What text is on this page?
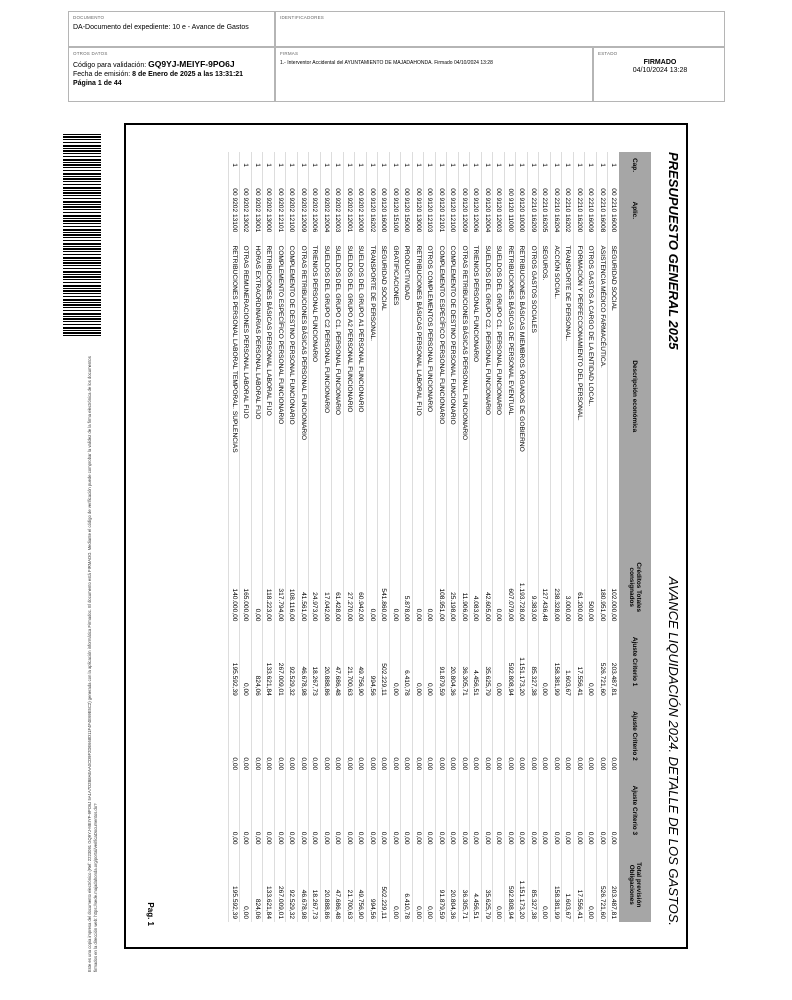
DOCUMENTO
DA-Documento del expediente: 10 e - Avance de Gastos
IDENTIFICADORES
OTROS DATOS
Código para validación: GQ9YJ-MEIYF-9PO6J
Fecha de emisión: 8 de Enero de 2025 a las 13:31:21
Página 1 de 44
FIRMAS
1.- Interventor Accidental del AYUNTAMIENTO DE MAJADAHONDA. Firmado 04/10/2024 13:28
ESTADO
FIRMADO
04/10/2024 13:28
Este es una copia impresa del documento electrónico (Ref: 2223091 GQ9YJ-MEIYF-9PO6J 5A1A7D2B8AEAA0CD9F2DE668D11F4F4E69E5C2) generada con la aplicación informática Firmadoc. El documento está FIRMADO. Mediante el código de verificación puede comprobar la validez de la firma electrónica de los documentos firmados en la dirección web: https://sede.majadahonda.org/portal/verificaDocumentos.do?
PRESUPUESTO GENERAL 2025
AVANCE LIQUIDACIÓN 2024. DETALLE DE LOS GASTOS.
Cap.	Aplic.	Descripción económica	Créditos Totales consignados	Ajuste Criterio 1	Ajuste Criterio 2	Ajuste Criterio 3	Total previsión Obligaciones
1	00 2210 16000	SEGURIDAD SOCIAL	102.000,00	203.487,81	0,00	0,00	203.487,81
1	00 2210 16008	ASISTENCIA MÉDICO FARMACÉUTICA.	180.951,00	526.721,60	0,00	0,00	526.721,60
1	00 2210 16009	OTROS GASTOS A CARGO DE LA ENTIDAD LOCAL.	500,00	0,00	0,00	0,00	0,00
1	00 2210 16200	FORMACIÓN Y PERFECCIONAMIENTO DEL PERSONAL.	61.200,00	17.556,41	0,00	0,00	17.556,41
1	00 2210 16202	TRANSPORTE DE PERSONAL.	3.000,00	1.603,67	0,00	0,00	1.603,67
1	00 2210 16204	ACCIÓN SOCIAL.	238.328,00	158.381,99	0,00	0,00	158.381,99
1	00 2210 16205	SEGUROS.	127.436,48	0,00	0,00	0,00	0,00
1	00 2210 16209	OTROS GASTOS SOCIALES	9.383,00	85.327,38	0,00	0,00	85.327,38
1	00 9120 10000	RETRIBUCIONES BÁSICAS MIEMBROS ÓRGANOS DE GOBIERNO	1.193.728,00	1.151.173,20	0,00	0,00	1.151.173,20
1	00 9120 11000	RETRIBUCIONES BÁSICAS DE PERSONAL EVENTUAL	607.079,00	592.808,94	0,00	0,00	592.808,94
1	00 9120 12003	SUELDOS DEL GRUPO C1. PERSONAL FUNCIONARIO	0,00	0,00	0,00	0,00	0,00
1	00 9120 12004	SUELDOS DEL GRUPO C2. PERSONAL FUNCIONARIO	42.605,00	35.625,79	0,00	0,00	35.625,79
1	00 9120 12006	TRIENIOS PERSONAL FUNCIONARIO	4.083,00	4.456,51	0,00	0,00	4.456,51
1	00 9120 12009	OTRAS RETRIBUCIONES BÁSICAS PERSONAL FUNCIONARIO	11.906,00	36.305,71	0,00	0,00	36.305,71
1	00 9120 12100	COMPLEMENTO DE DESTINO PERSONAL FUNCIONARIO	25.198,00	20.804,36	0,00	0,00	20.804,36
1	00 9120 12101	COMPLEMENTO ESPECÍFICO PERSONAL FUNCIONARIO	108.951,00	91.879,59	0,00	0,00	91.879,59
1	00 9120 12103	OTROS COMPLEMENTOS PERSONAL FUNCIONARIO	0,00	0,00	0,00	0,00	0,00
1	00 9120 13000	RETRIBUCIONES BÁSICAS PERSONAL LABORAL FIJO	0,00	0,00	0,00	0,00	0,00
1	00 9120 15000	PRODUCTIVIDAD	5.878,00	6.410,78	0,00	0,00	6.410,78
1	00 9120 15100	GRATIFICACIONES	0,00	0,00	0,00	0,00	0,00
1	00 9120 16000	SEGURIDAD SOCIAL	541.860,00	502.229,11	0,00	0,00	502.229,11
1	00 9120 16202	TRANSPORTE DE PERSONAL.	0,00	994,56	0,00	0,00	994,56
1	00 9202 12000	SUELDOS DEL GRUPO A1 PERSONAL FUNCIONARIO	60.942,00	49.756,90	0,00	0,00	49.756,90
1	00 9202 12001	SUELDOS DEL GRUPO A2 PERSONAL FUNCIONARIO	27.270,00	21.700,63	0,00	0,00	21.700,63
1	00 9202 12003	SUELDOS DEL GRUPO C1. PERSONAL FUNCIONARIO	61.428,00	47.686,48	0,00	0,00	47.686,48
1	00 9202 12004	SUELDOS DEL GRUPO C2 PERSONAL FUNCIONARIO	17.042,00	20.888,86	0,00	0,00	20.888,86
1	00 9202 12006	TRIENIOS PERSONAL FUNCIONARIO	24.973,00	18.267,73	0,00	0,00	18.267,73
1	00 9202 12009	OTRAS RETRIBUCIONES BÁSICAS PERSONAL FUNCIONARIO	41.561,00	46.678,98	0,00	0,00	46.678,98
1	00 9202 12100	COMPLEMENTO DE DESTINO PERSONAL FUNCIONARIO	108.116,00	92.529,32	0,00	0,00	92.529,32
1	00 9202 12101	COMPLEMENTO ESPECÍFICO PERSONAL FUNCIONARIO	317.794,00	267.009,01	0,00	0,00	267.009,01
1	00 9202 13000	RETRIBUCIONES BÁSICAS PERSONAL LABORAL FIJO	118.223,00	133.621,84	0,00	0,00	133.621,84
1	00 9202 13001	HORAS EXTRAORDINARIAS PERSONAL LABORAL FIJO	0,00	824,06	0,00	0,00	824,06
1	00 9202 13002	OTRAS REMUNERACIONES PERSONAL LABORAL FIJO	165.000,00	0,00	0,00	0,00	0,00
1	00 9202 13100	RETRIBUCIONES PERSONAL LABORAL TEMPORAL. SUPLENCIAS	140.000,00	195.592,39	0,00	0,00	195.592,39
Pag. 1
